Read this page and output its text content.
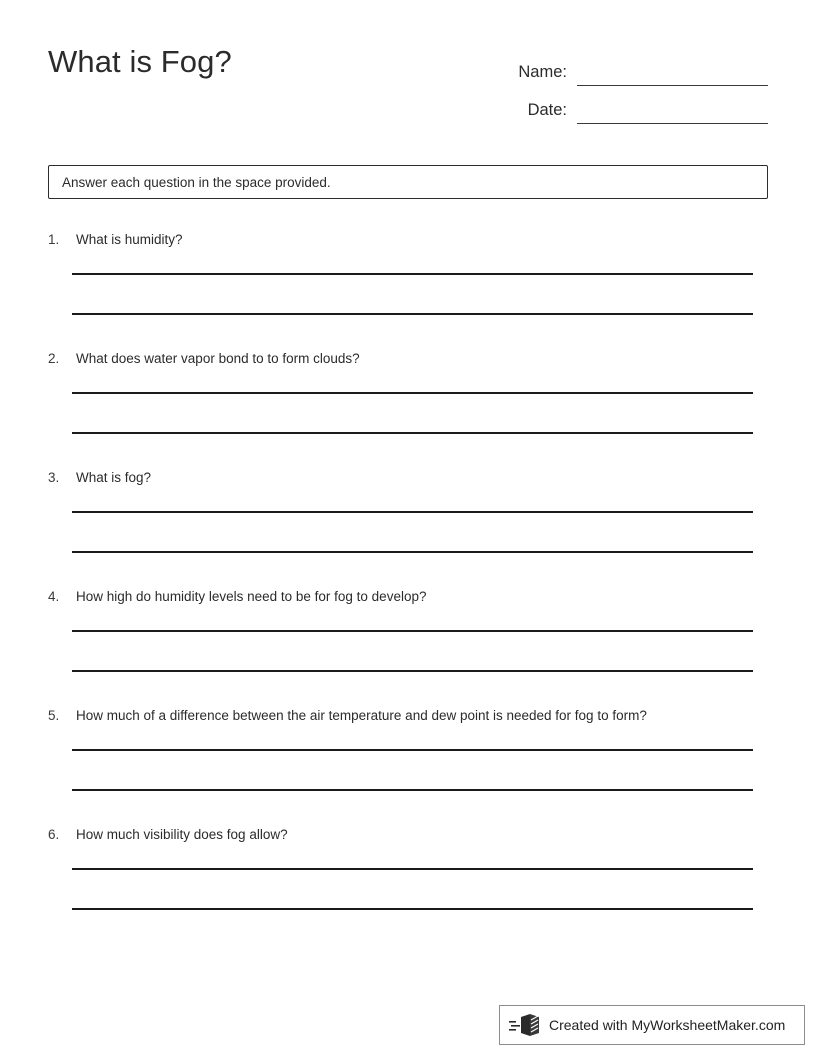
What is Fog?	Name:
Date:
Answer each question in the space provided.
1.	What is humidity?
2.	What does water vapor bond to to form clouds?
3.	What is fog?
4.	How high do humidity levels need to be for fog to develop?
5.	How much of a difference between the air temperature and dew point is needed for fog to form?
6.	How much visibility does fog allow?
Created with MyWorksheetMaker.com
